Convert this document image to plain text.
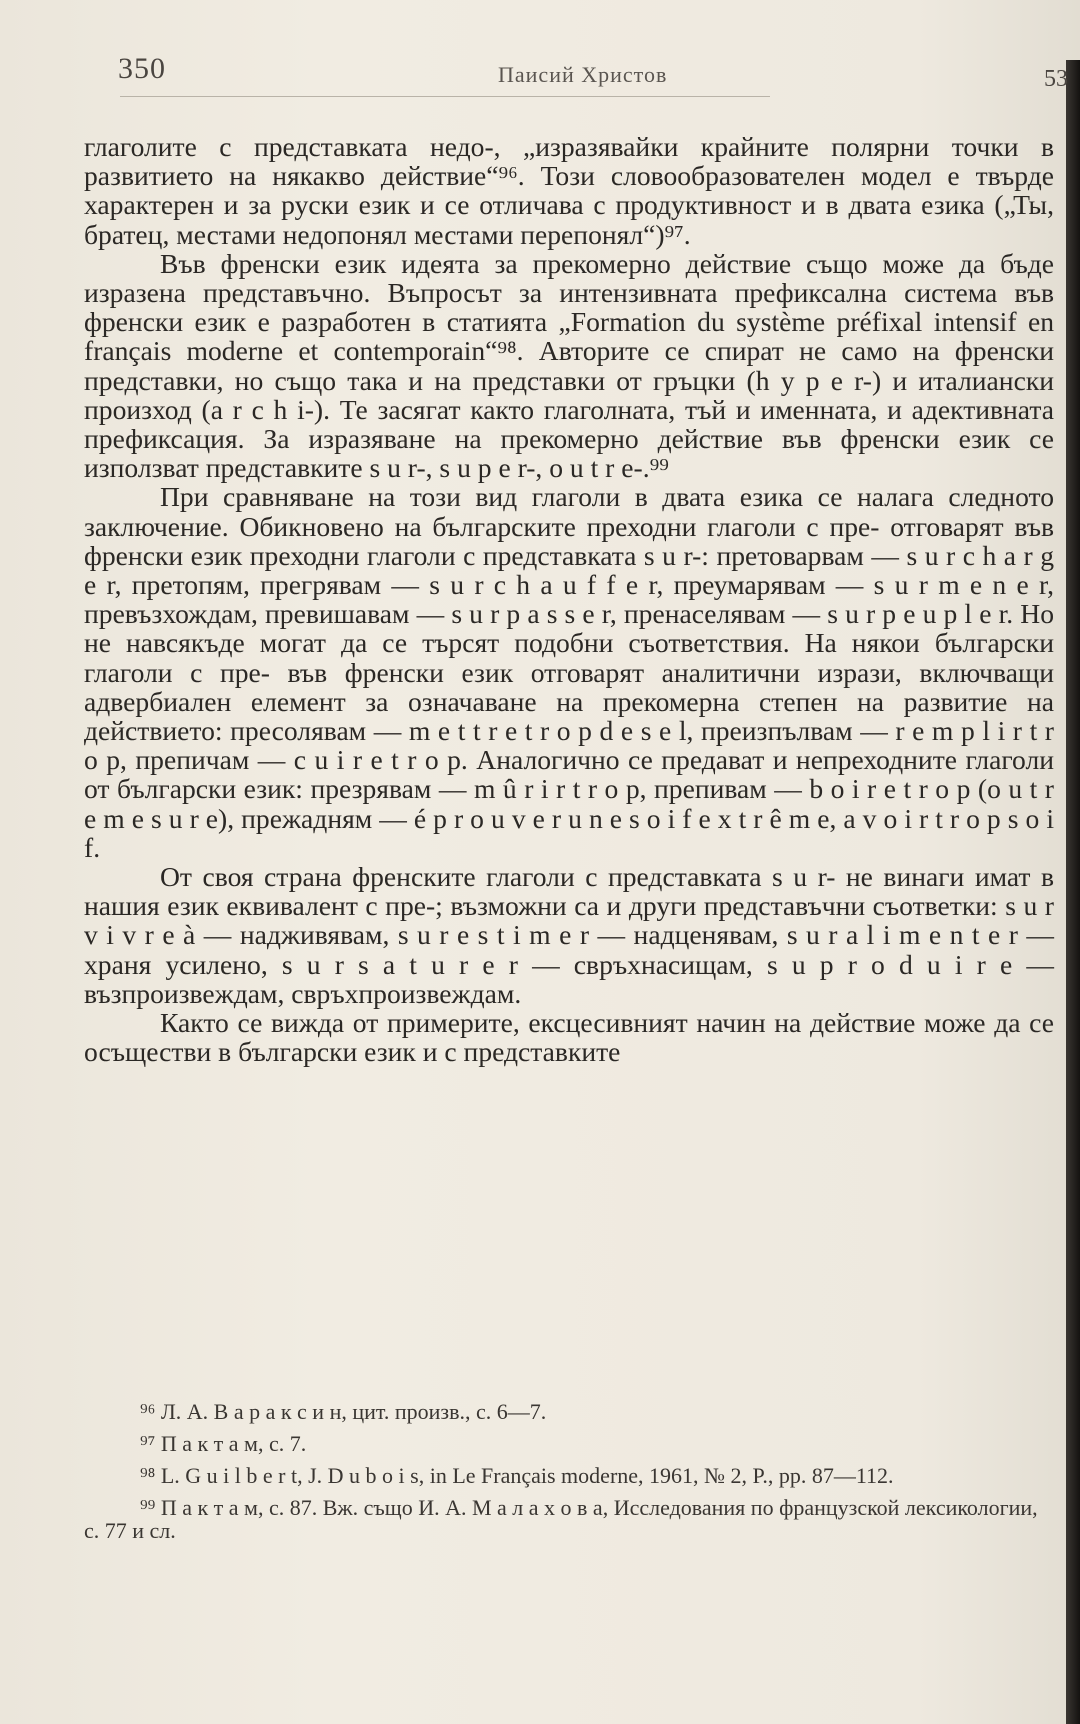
350	Паисий Христов	53

глаголите с представката недо-, „изразявайки крайните полярни точки в развитието на някакво действие“⁹⁶. Този словообразователен модел е твърде характерен и за руски език и се отличава с продуктивност и в двата езика („Ты, братец, местами недопонял местами перепонял“)⁹⁷.

Във френски език идеята за прекомерно действие също може да бъде изразена представъчно. Въпросът за интензивната префиксална система във френски език е разработен в статията „Formation du système préfixal intensif en français moderne et contemporain“⁹⁸. Авторите се спират не само на френски представки, но също така и на представки от гръцки (h y p e r-) и италиански произход (a r c h i-). Те засягат както глаголната, тъй и именната, и адективната префиксация. За изразяване на прекомерно действие във френски език се използват представките s u r-, s u p e r-, o u t r e-.⁹⁹

При сравняване на този вид глаголи в двата езика се налага следното заключение. Обикновено на българските преходни глаголи с пре- отговарят във френски език преходни глаголи с представката s u r-: претоварвам — s u r c h a r g e r, претопям, прегрявам — s u r c h a u f f e r, преумарявам — s u r m e n e r, превъзхождам, превишавам — s u r p a s s e r, пренаселявам — s u r p e u p l e r. Но не навсякъде могат да се търсят подобни съответствия. На някои български глаголи с пре- във френски език отговарят аналитични изрази, включващи адвербиален елемент за означаване на прекомерна степен на развитие на действието: пресолявам — m e t t r e t r o p d e s e l, преизпълвам — r e m p l i r t r o p, препичам — c u i r e t r o p. Аналогично се предават и непреходните глаголи от български език: презрявам — m û r i r t r o p, препивам — b o i r e t r o p (o u t r e m e s u r e), прежадням — é p r o u v e r u n e s o i f e x t r ê m e, a v o i r t r o p s o i f.

От своя страна френските глаголи с представката s u r- не винаги имат в нашия език еквивалент с пре-; възможни са и други представъчни съответки: s u r v i v r e à — надживявам, s u r e s t i m e r — надценявам, s u r a l i m e n t e r — храня усилено, s u r s a t u r e r — свръхнасищам, s u p r o d u i r e — възпроизвеждам, свръхпроизвеждам.

Както се вижда от примерите, ексцесивният начин на действие може да се осъществи в български език и с представките

⁹⁶ Л. А. В а р а к с и н, цит. произв., с. 6—7.

⁹⁷ П а к т а м, с. 7.

⁹⁸ L. G u i l b e r t, J. D u b o i s, in Le Français moderne, 1961, № 2, P., pp. 87—112.

⁹⁹ П а к т а м, с. 87. Вж. също И. А. М а л а х о в а, Исследования по французской лексикологии, с. 77 и сл.
